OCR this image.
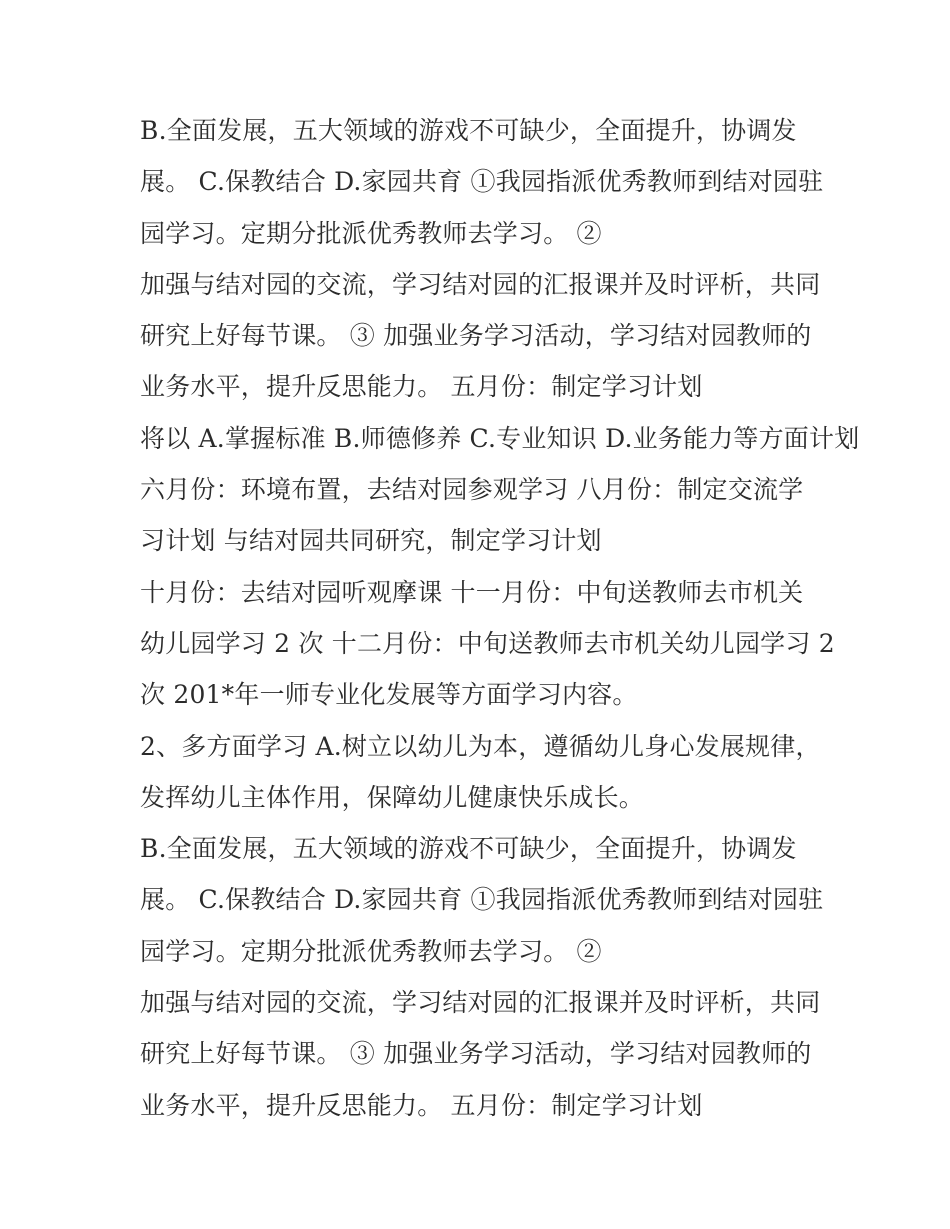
B.全面发展，五大领域的游戏不可缺少，全面提升，协调发
展。 C.保教结合 D.家园共育 ①我园指派优秀教师到结对园驻
园学习。定期分批派优秀教师去学习。 ②
加强与结对园的交流，学习结对园的汇报课并及时评析，共同
研究上好每节课。 ③ 加强业务学习活动，学习结对园教师的
业务水平，提升反思能力。 五月份：制定学习计划
将以 A.掌握标准 B.师德修养 C.专业知识 D.业务能力等方面计划
六月份：环境布置，去结对园参观学习 八月份：制定交流学
习计划 与结对园共同研究，制定学习计划
十月份：去结对园听观摩课 十一月份：中旬送教师去市机关
幼儿园学习 2 次 十二月份：中旬送教师去市机关幼儿园学习 2
次 201*年一师专业化发展等方面学习内容。
2、多方面学习 A.树立以幼儿为本，遵循幼儿身心发展规律，
发挥幼儿主体作用，保障幼儿健康快乐成长。
B.全面发展，五大领域的游戏不可缺少，全面提升，协调发
展。 C.保教结合 D.家园共育 ①我园指派优秀教师到结对园驻
园学习。定期分批派优秀教师去学习。 ②
加强与结对园的交流，学习结对园的汇报课并及时评析，共同
研究上好每节课。 ③ 加强业务学习活动，学习结对园教师的
业务水平，提升反思能力。 五月份：制定学习计划
